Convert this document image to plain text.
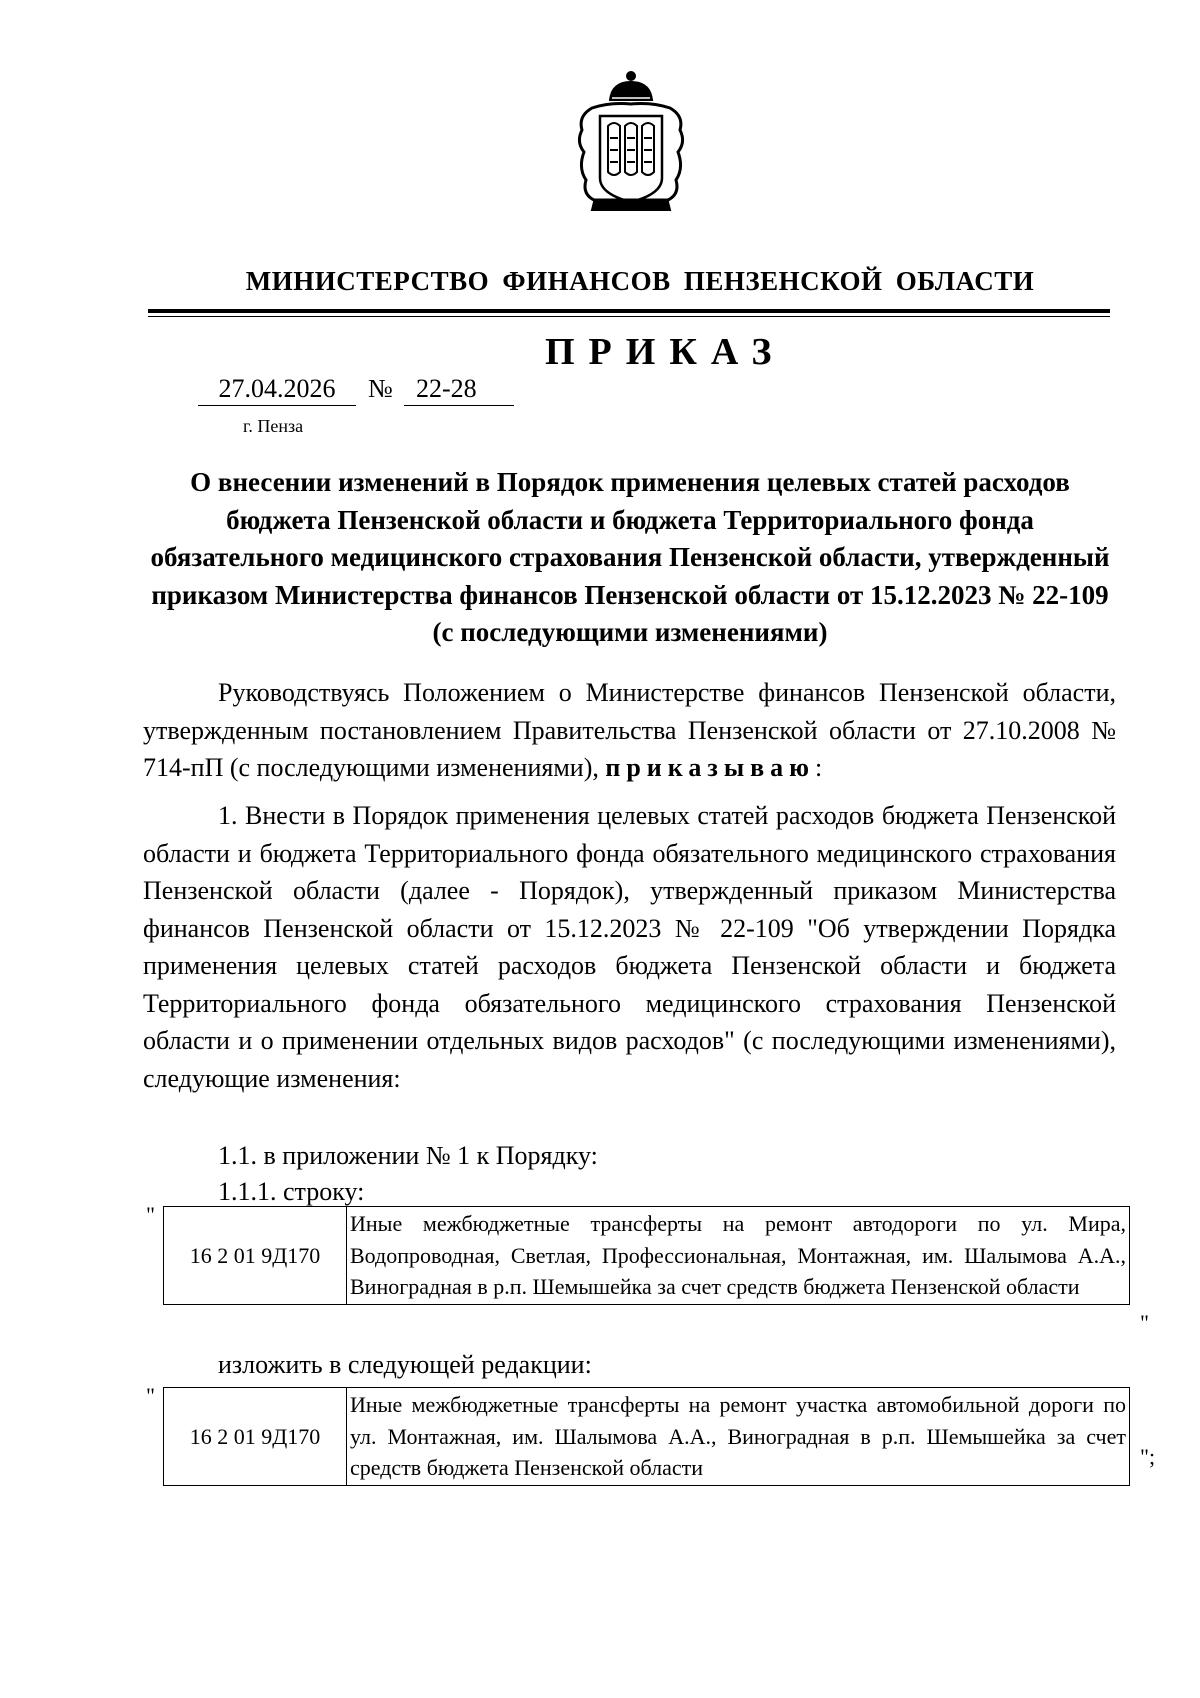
МИНИСТЕРСТВО ФИНАНСОВ ПЕНЗЕНСКОЙ ОБЛАСТИ
ПРИКАЗ
27.04.2026	№ 22-28
г. Пенза
О внесении изменений в Порядок применения целевых статей расходов бюджета Пензенской области и бюджета Территориального фонда обязательного медицинского страхования Пензенской области, утвержденный приказом Министерства финансов Пензенской области от 15.12.2023 № 22-109 (с последующими изменениями)
Руководствуясь Положением о Министерстве финансов Пензенской области, утвержденным постановлением Правительства Пензенской области от 27.10.2008 № 714-пП (с последующими изменениями), приказываю:
1. Внести в Порядок применения целевых статей расходов бюджета Пензенской области и бюджета Территориального фонда обязательного медицинского страхования Пензенской области (далее - Порядок), утвержденный приказом Министерства финансов Пензенской области от 15.12.2023 № 22-109 "Об утверждении Порядка применения целевых статей расходов бюджета Пензенской области и бюджета Территориального фонда обязательного медицинского страхования Пензенской области и о применении отдельных видов расходов" (с последующими изменениями), следующие изменения:
1.1. в приложении № 1 к Порядку:
1.1.1. строку:
"
16 2 01 9Д170	Иные межбюджетные трансферты на ремонт автодороги по ул. Мира, Водопроводная, Светлая, Профессиональная, Монтажная, им. Шалымова А.А., Виноградная в р.п. Шемышейка за счет средств бюджета Пензенской области
"
изложить в следующей редакции:
"
16 2 01 9Д170	Иные межбюджетные трансферты на ремонт участка автомобильной дороги по ул. Монтажная, им. Шалымова А.А., Виноградная в р.п. Шемышейка за счет средств бюджета Пензенской области	";
